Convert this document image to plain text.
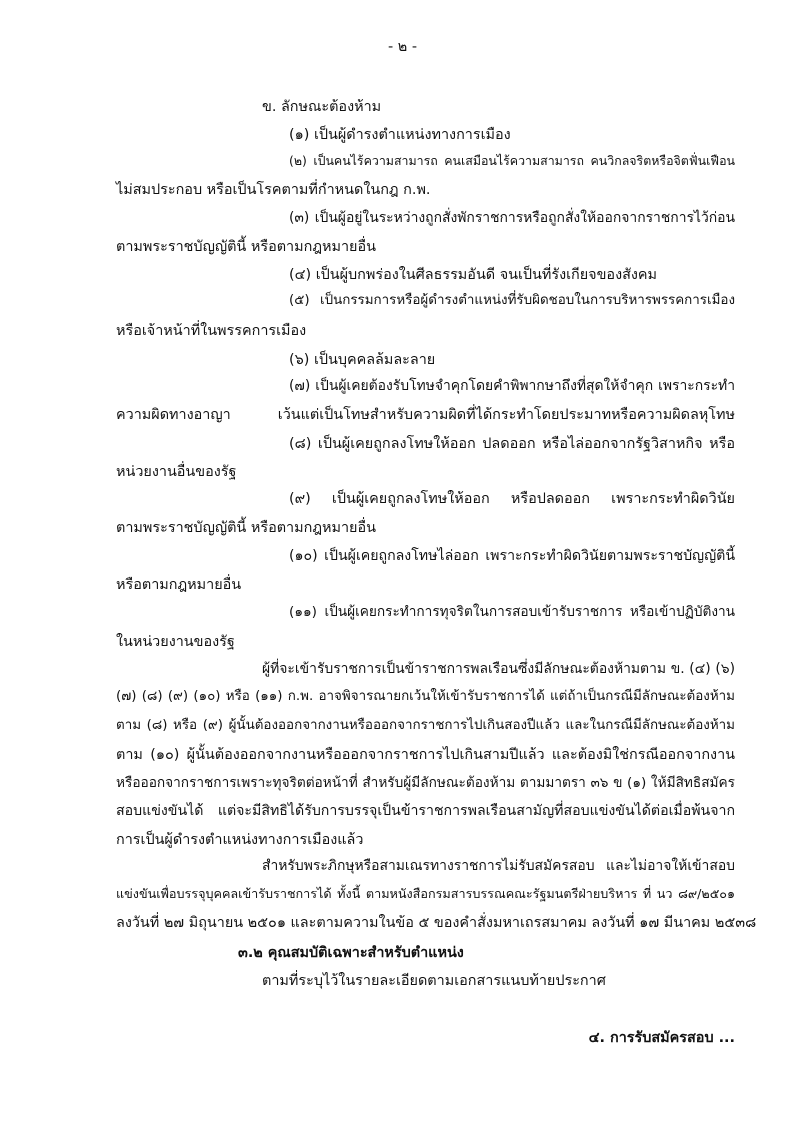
- ๒ -
ข. ลักษณะต้องห้าม
(๑) เป็นผู้ดำรงตำแหน่งทางการเมือง
(๒) เป็นคนไร้ความสามารถ คนเสมือนไร้ความสามารถ คนวิกลจริตหรือจิตฟั่นเฟือน
ไม่สมประกอบ หรือเป็นโรคตามที่กำหนดในกฎ ก.พ.
(๓) เป็นผู้อยู่ในระหว่างถูกสั่งพักราชการหรือถูกสั่งให้ออกจากราชการไว้ก่อน
ตามพระราชบัญญัตินี้ หรือตามกฎหมายอื่น
(๔) เป็นผู้บกพร่องในศีลธรรมอันดี จนเป็นที่รังเกียจของสังคม
(๕) เป็นกรรมการหรือผู้ดำรงตำแหน่งที่รับผิดชอบในการบริหารพรรคการเมือง
หรือเจ้าหน้าที่ในพรรคการเมือง
(๖) เป็นบุคคลล้มละลาย
(๗) เป็นผู้เคยต้องรับโทษจำคุกโดยคำพิพากษาถึงที่สุดให้จำคุก เพราะกระทำ
ความผิดทางอาญา เว้นแต่เป็นโทษสำหรับความผิดที่ได้กระทำโดยประมาทหรือความผิดลหุโทษ
(๘) เป็นผู้เคยถูกลงโทษให้ออก ปลดออก หรือไล่ออกจากรัฐวิสาหกิจ หรือ
หน่วยงานอื่นของรัฐ
(๙) เป็นผู้เคยถูกลงโทษให้ออก หรือปลดออก เพราะกระทำผิดวินัย
ตามพระราชบัญญัตินี้ หรือตามกฎหมายอื่น
(๑๐) เป็นผู้เคยถูกลงโทษไล่ออก เพราะกระทำผิดวินัยตามพระราชบัญญัตินี้
หรือตามกฎหมายอื่น
(๑๑) เป็นผู้เคยกระทำการทุจริตในการสอบเข้ารับราชการ หรือเข้าปฏิบัติงาน
ในหน่วยงานของรัฐ
ผู้ที่จะเข้ารับราชการเป็นข้าราชการพลเรือนซึ่งมีลักษณะต้องห้ามตาม ข. (๔) (๖)
(๗) (๘) (๙) (๑๐) หรือ (๑๑) ก.พ. อาจพิจารณายกเว้นให้เข้ารับราชการได้ แต่ถ้าเป็นกรณีมีลักษณะต้องห้าม
ตาม (๘) หรือ (๙) ผู้นั้นต้องออกจากงานหรือออกจากราชการไปเกินสองปีแล้ว และในกรณีมีลักษณะต้องห้าม
ตาม (๑๐) ผู้นั้นต้องออกจากงานหรือออกจากราชการไปเกินสามปีแล้ว และต้องมิใช่กรณีออกจากงาน
หรือออกจากราชการเพราะทุจริตต่อหน้าที่ สำหรับผู้มีลักษณะต้องห้าม ตามมาตรา ๓๖ ข (๑) ให้มีสิทธิสมัคร
สอบแข่งขันได้ แต่จะมีสิทธิได้รับการบรรจุเป็นข้าราชการพลเรือนสามัญที่สอบแข่งขันได้ต่อเมื่อพ้นจาก
การเป็นผู้ดำรงตำแหน่งทางการเมืองแล้ว
สำหรับพระภิกษุหรือสามเณรทางราชการไม่รับสมัครสอบ และไม่อาจให้เข้าสอบ
แข่งขันเพื่อบรรจุบุคคลเข้ารับราชการได้ ทั้งนี้ ตามหนังสือกรมสารบรรณคณะรัฐมนตรีฝ่ายบริหาร ที่ นว ๘๙/๒๕๐๑
ลงวันที่ ๒๗ มิถุนายน ๒๕๐๑ และตามความในข้อ ๕ ของคำสั่งมหาเถรสมาคม ลงวันที่ ๑๗ มีนาคม ๒๕๓๘
๓.๒ คุณสมบัติเฉพาะสำหรับตำแหน่ง
ตามที่ระบุไว้ในรายละเอียดตามเอกสารแนบท้ายประกาศ
๔. การรับสมัครสอบ ...
